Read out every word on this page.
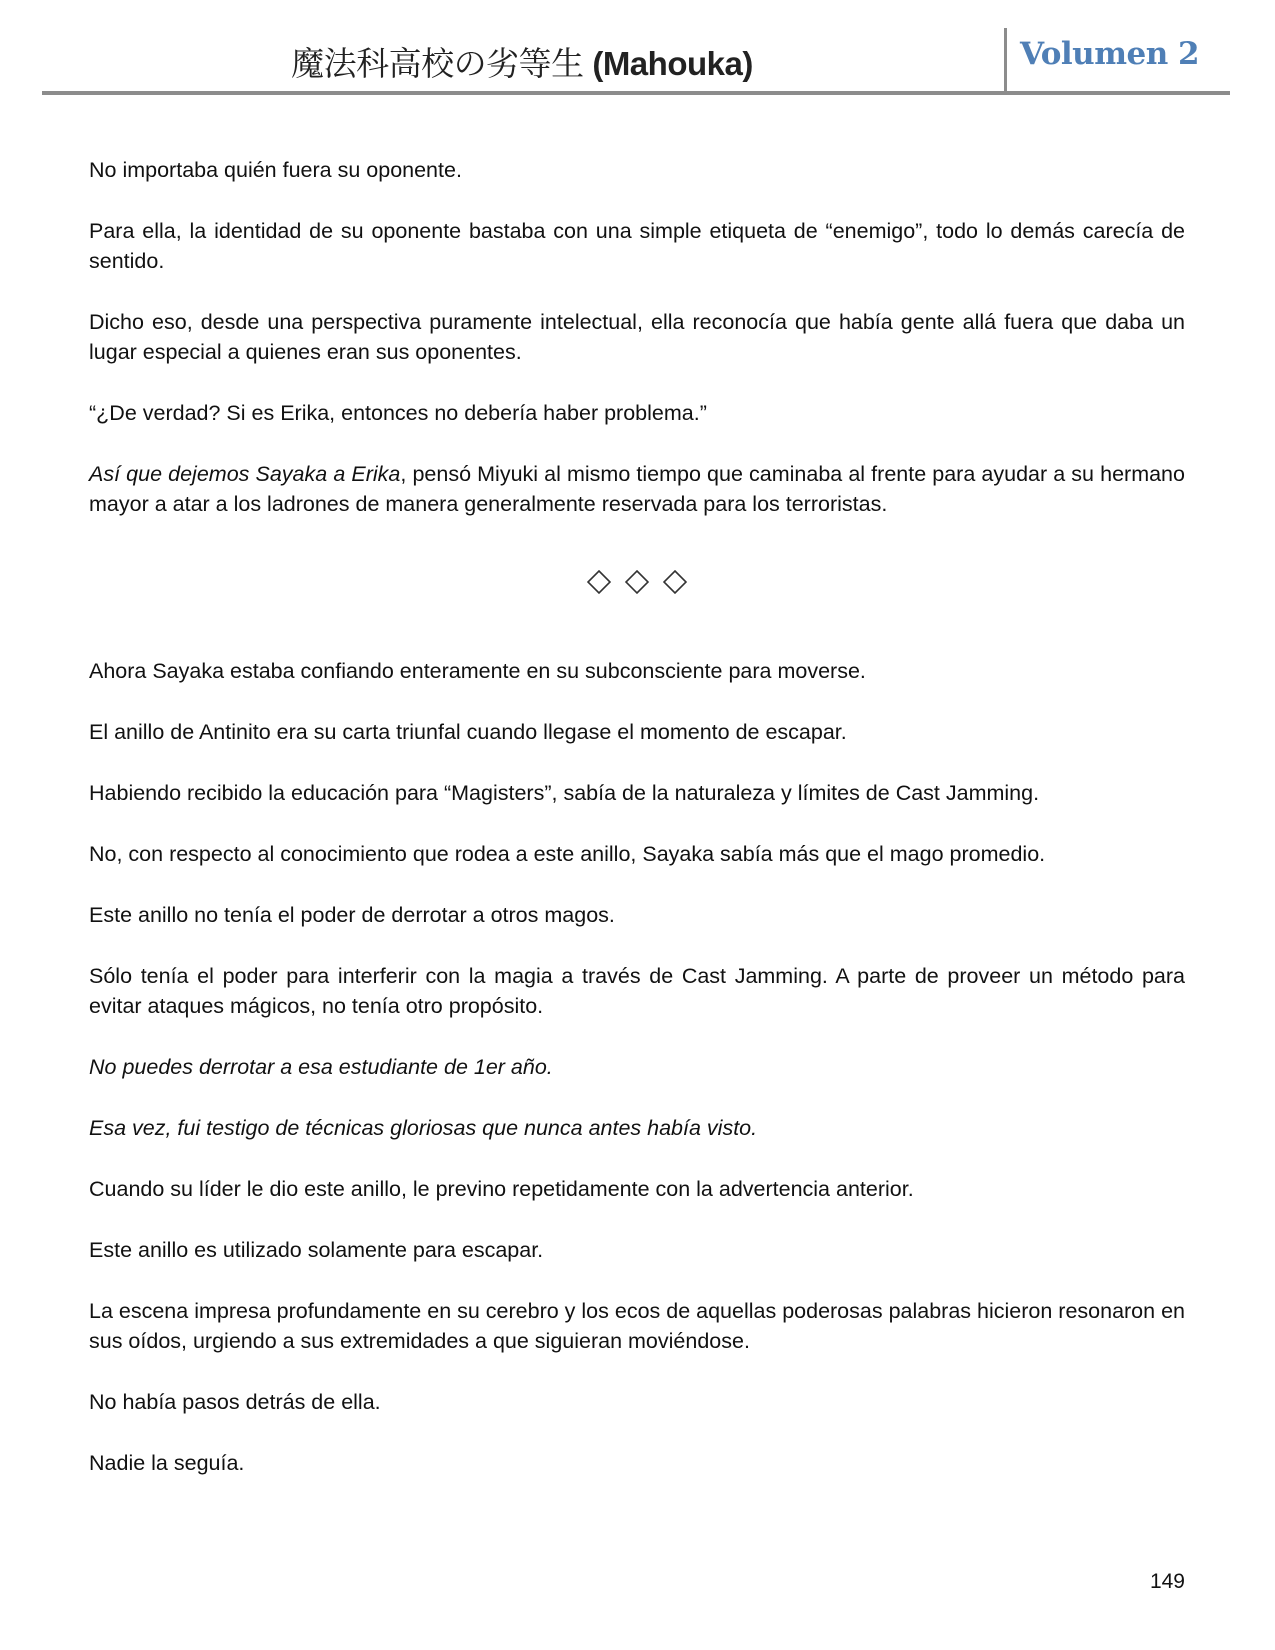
魔法科高校の劣等生 (Mahouka)	Volumen 2

No importaba quién fuera su oponente.

Para ella, la identidad de su oponente bastaba con una simple etiqueta de “enemigo”, todo lo demás carecía de sentido.

Dicho eso, desde una perspectiva puramente intelectual, ella reconocía que había gente allá fuera que daba un lugar especial a quienes eran sus oponentes.

“¿De verdad? Si es Erika, entonces no debería haber problema.”

Así que dejemos Sayaka a Erika, pensó Miyuki al mismo tiempo que caminaba al frente para ayudar a su hermano mayor a atar a los ladrones de manera generalmente reservada para los terroristas.

Ahora Sayaka estaba confiando enteramente en su subconsciente para moverse.

El anillo de Antinito era su carta triunfal cuando llegase el momento de escapar.

Habiendo recibido la educación para “Magisters”, sabía de la naturaleza y límites de Cast Jamming.

No, con respecto al conocimiento que rodea a este anillo, Sayaka sabía más que el mago promedio.

Este anillo no tenía el poder de derrotar a otros magos.

Sólo tenía el poder para interferir con la magia a través de Cast Jamming. A parte de proveer un método para evitar ataques mágicos, no tenía otro propósito.

No puedes derrotar a esa estudiante de 1er año.

Esa vez, fui testigo de técnicas gloriosas que nunca antes había visto.

Cuando su líder le dio este anillo, le previno repetidamente con la advertencia anterior.

Este anillo es utilizado solamente para escapar.

La escena impresa profundamente en su cerebro y los ecos de aquellas poderosas palabras hicieron resonaron en sus oídos, urgiendo a sus extremidades a que siguieran moviéndose.

No había pasos detrás de ella.

Nadie la seguía.

149
